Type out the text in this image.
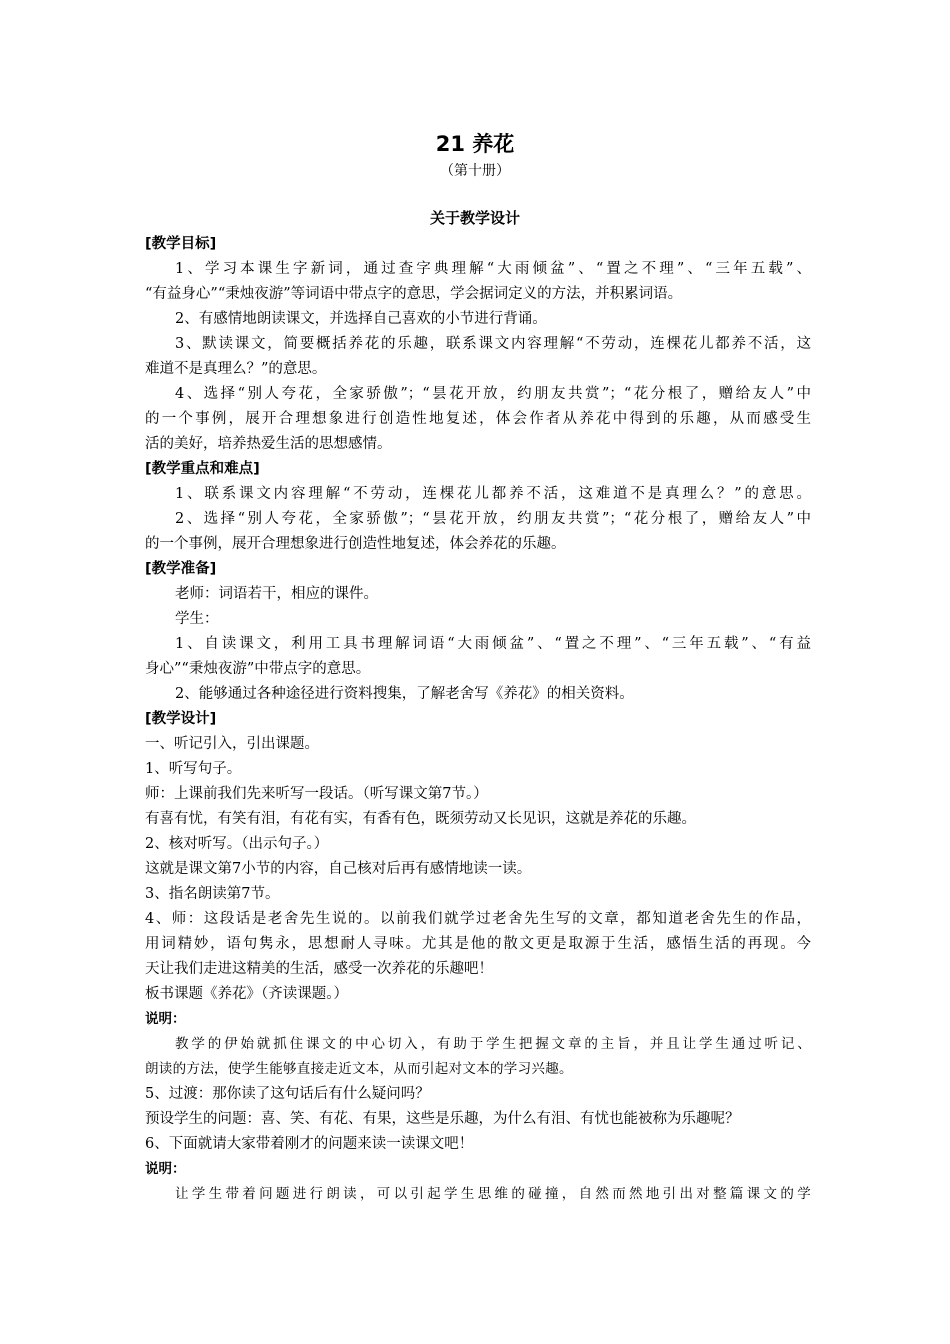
21 养花
（第十册）
关于教学设计
[教学目标]
1、学习本课生字新词，通过查字典理解“大雨倾盆”、“置之不理”、“三年五载”、
“有益身心”“秉烛夜游”等词语中带点字的意思，学会据词定义的方法，并积累词语。
2、有感情地朗读课文，并选择自己喜欢的小节进行背诵。
3、默读课文，简要概括养花的乐趣，联系课文内容理解“不劳动，连棵花儿都养不活，这
难道不是真理么？”的意思。
4、选择“别人夸花，全家骄傲”；“昙花开放，约朋友共赏”；“花分根了，赠给友人”中
的一个事例，展开合理想象进行创造性地复述，体会作者从养花中得到的乐趣，从而感受生
活的美好，培养热爱生活的思想感情。
[教学重点和难点]
1、联系课文内容理解“不劳动，连棵花儿都养不活，这难道不是真理么？”的意思。
2、选择“别人夸花，全家骄傲”；“昙花开放，约朋友共赏”；“花分根了，赠给友人”中
的一个事例，展开合理想象进行创造性地复述，体会养花的乐趣。
[教学准备]
老师：词语若干，相应的课件。
学生：
1、自读课文，利用工具书理解词语“大雨倾盆”、“置之不理”、“三年五载”、“有益
身心”“秉烛夜游”中带点字的意思。
2、能够通过各种途径进行资料搜集，了解老舍写《养花》的相关资料。
[教学设计]
一、听记引入，引出课题。
1、听写句子。
师：上课前我们先来听写一段话。（听写课文第7节。）
有喜有忧，有笑有泪，有花有实，有香有色，既须劳动又长见识，这就是养花的乐趣。
2、核对听写。（出示句子。）
这就是课文第7小节的内容，自己核对后再有感情地读一读。
3、指名朗读第7节。
4、师：这段话是老舍先生说的。以前我们就学过老舍先生写的文章，都知道老舍先生的作品，
用词精妙，语句隽永，思想耐人寻味。尤其是他的散文更是取源于生活，感悟生活的再现。今
天让我们走进这精美的生活，感受一次养花的乐趣吧！
板书课题《养花》（齐读课题。）
说明：
教学的伊始就抓住课文的中心切入，有助于学生把握文章的主旨，并且让学生通过听记、
朗读的方法，使学生能够直接走近文本，从而引起对文本的学习兴趣。
5、过渡：那你读了这句话后有什么疑问吗？
预设学生的问题：喜、笑、有花、有果，这些是乐趣，为什么有泪、有忧也能被称为乐趣呢？
6、下面就请大家带着刚才的问题来读一读课文吧！
说明：
让学生带着问题进行朗读，可以引起学生思维的碰撞，自然而然地引出对整篇课文的学
